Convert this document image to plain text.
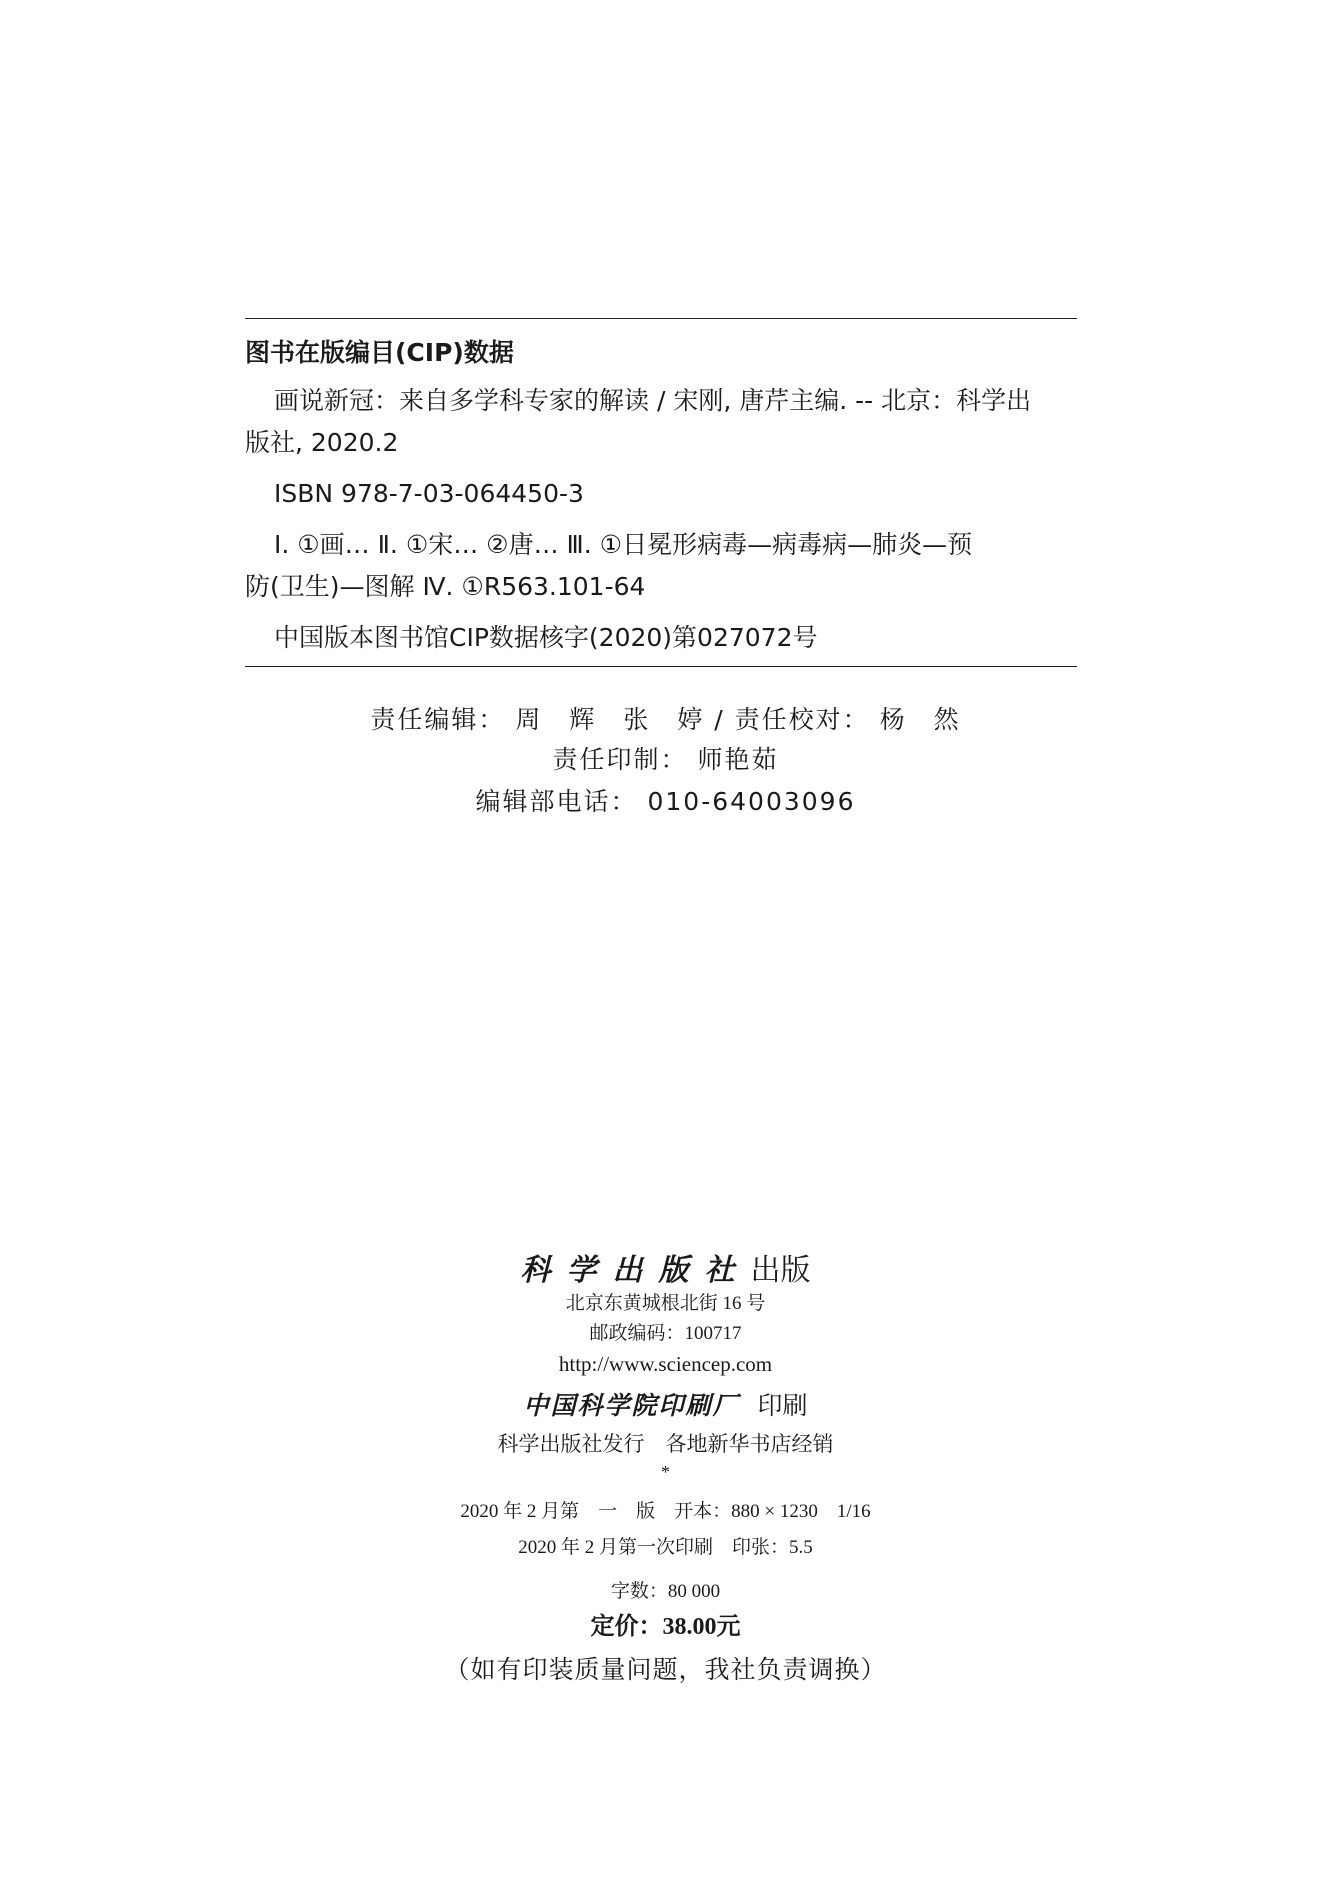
图书在版编目(CIP)数据

画说新冠：来自多学科专家的解读 / 宋刚, 唐芹主编. -- 北京：科学出

版社, 2020.2

ISBN 978-7-03-064450-3

Ⅰ. ①画… Ⅱ. ①宋… ②唐… Ⅲ. ①日冕形病毒—病毒病—肺炎—预

防(卫生)—图解 Ⅳ. ①R563.101-64

中国版本图书馆CIP数据核字(2020)第027072号

责任编辑： 周　辉　张　婷 / 责任校对： 杨　然
责任印制： 师艳茹
编辑部电话： 010-64003096
科学出版社出版
北京东黄城根北街 16 号
邮政编码：100717
http://www.sciencep.com
中国科学院印刷厂 印刷
科学出版社发行　各地新华书店经销
*
2020 年 2 月第　一　版　开本：880 × 1230　1/16
2020 年 2 月第一次印刷　印张：5.5
字数：80 000
定价：38.00元
（如有印装质量问题，我社负责调换）
